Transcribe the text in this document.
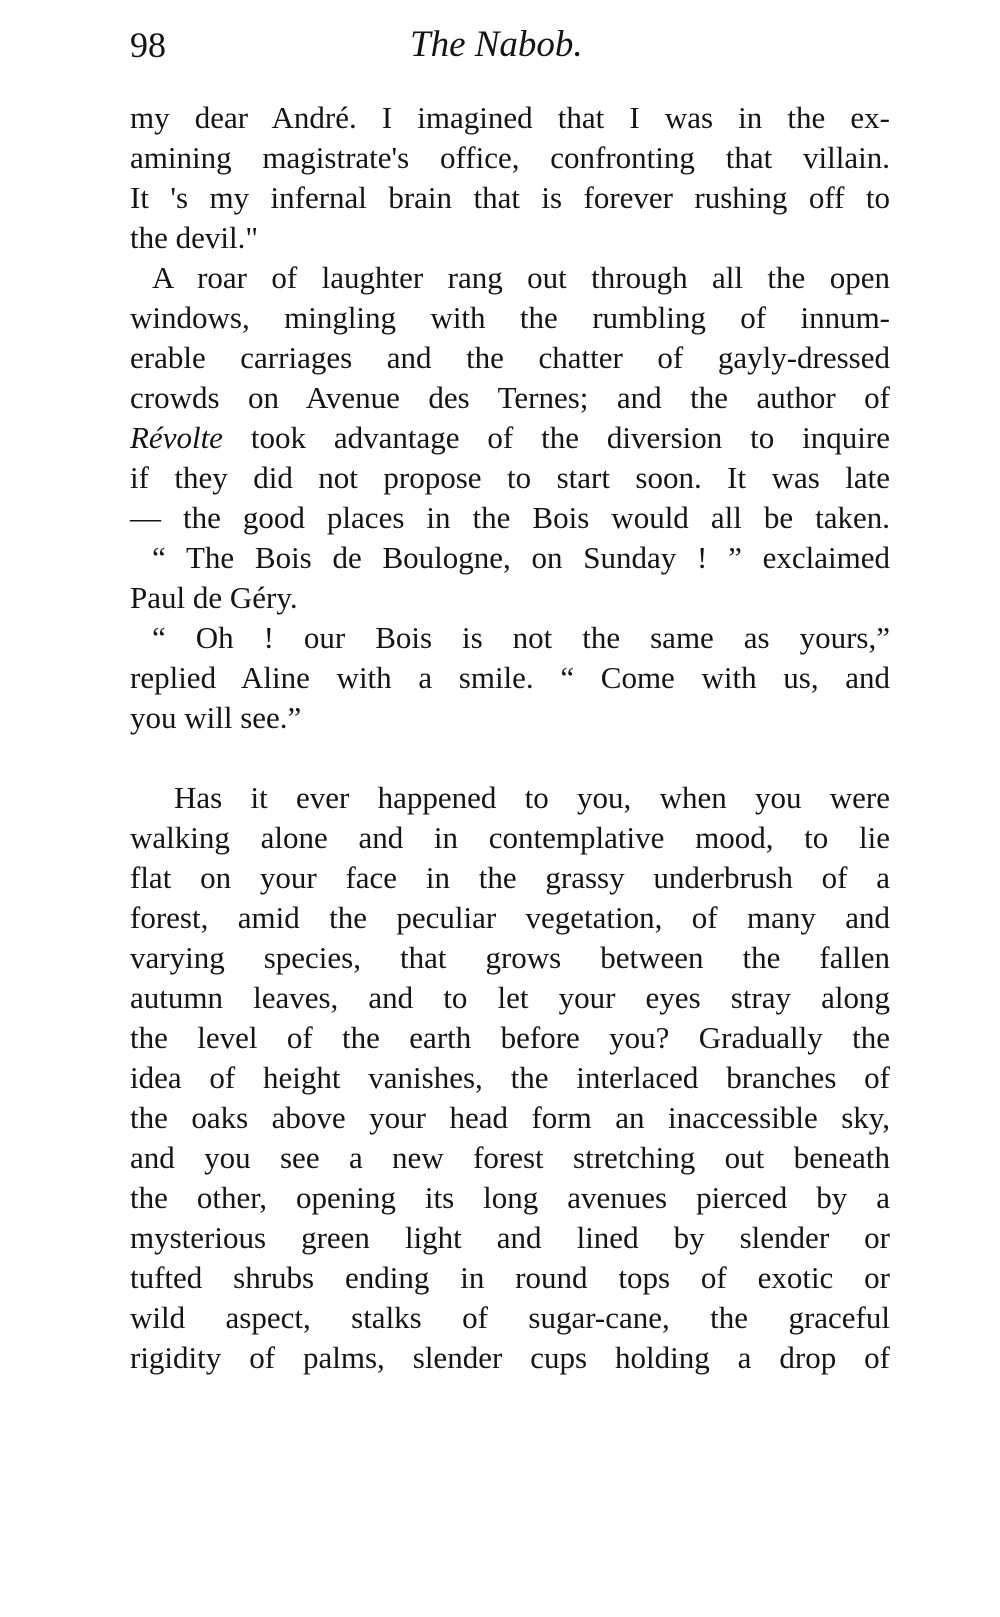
98	The Nabob.
my dear André. I imagined that I was in the ex-
amining magistrate's office, confronting that villain.
It 's my infernal brain that is forever rushing off to
the devil."
A roar of laughter rang out through all the open
windows, mingling with the rumbling of innum-
erable carriages and the chatter of gayly-dressed
crowds on Avenue des Ternes; and the author of
Révolte took advantage of the diversion to inquire
if they did not propose to start soon. It was late
— the good places in the Bois would all be taken.
“ The Bois de Boulogne, on Sunday ! ” exclaimed
Paul de Géry.
“ Oh ! our Bois is not the same as yours,”
replied Aline with a smile. “ Come with us, and
you will see.”
Has it ever happened to you, when you were
walking alone and in contemplative mood, to lie
flat on your face in the grassy underbrush of a
forest, amid the peculiar vegetation, of many and
varying species, that grows between the fallen
autumn leaves, and to let your eyes stray along
the level of the earth before you? Gradually the
idea of height vanishes, the interlaced branches of
the oaks above your head form an inaccessible sky,
and you see a new forest stretching out beneath
the other, opening its long avenues pierced by a
mysterious green light and lined by slender or
tufted shrubs ending in round tops of exotic or
wild aspect, stalks of sugar-cane, the graceful
rigidity of palms, slender cups holding a drop of
